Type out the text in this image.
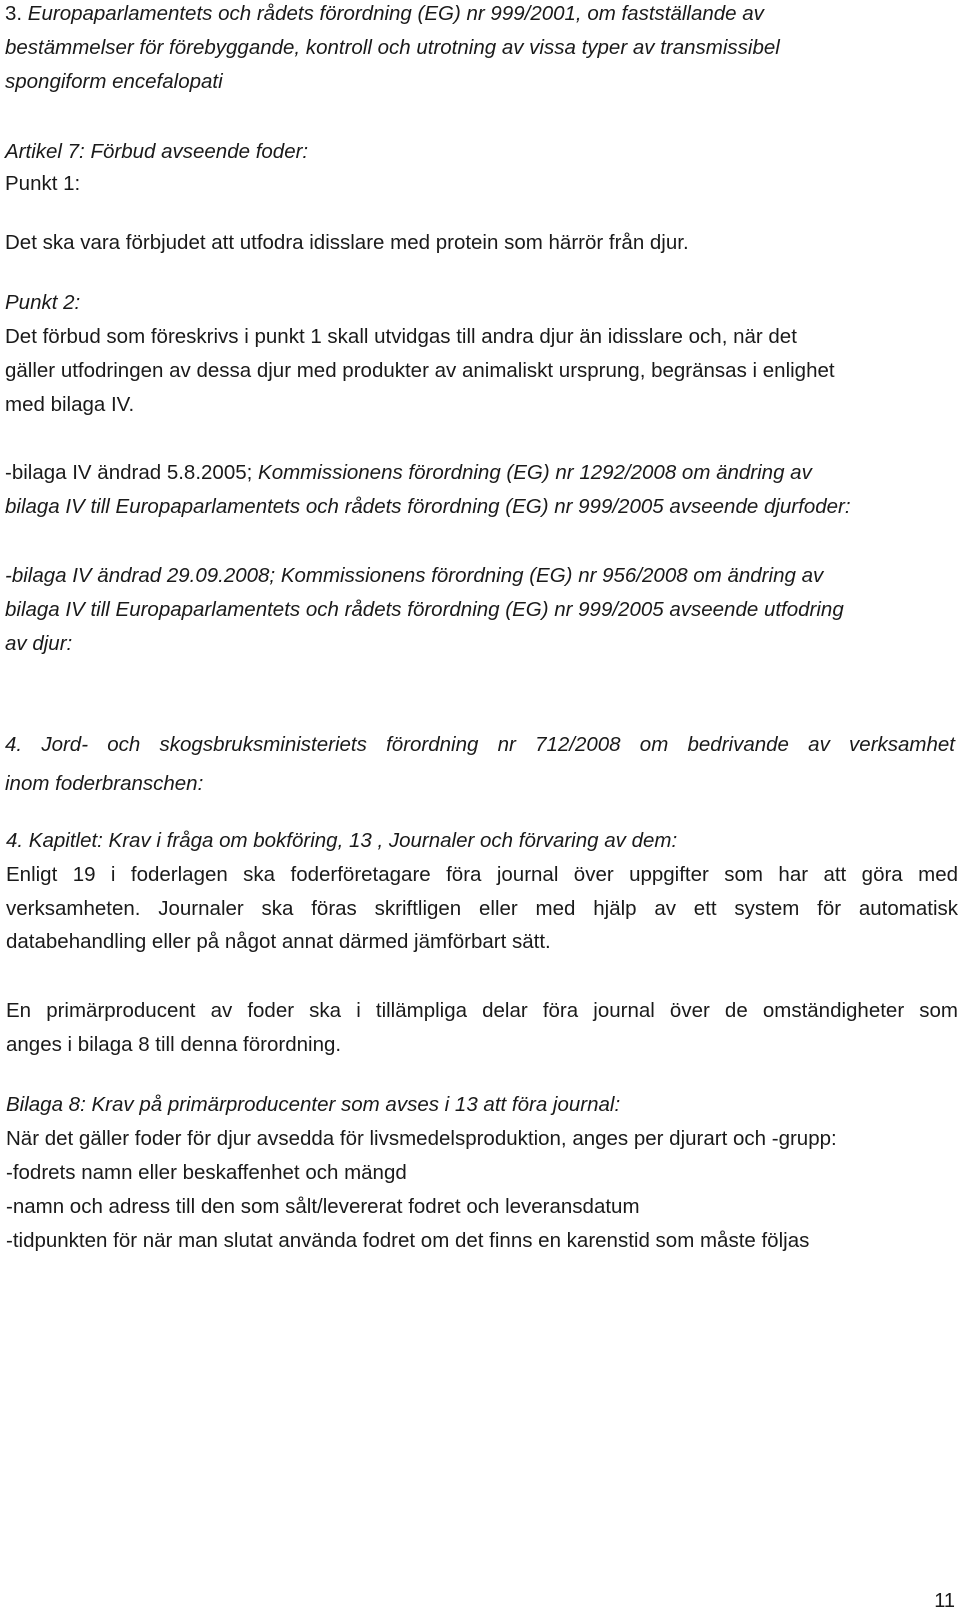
3. Europaparlamentets och rådets förordning (EG) nr 999/2001, om fastställande av
bestämmelser för förebyggande, kontroll och utrotning av vissa typer av transmissibel
spongiform encefalopati
Artikel 7: Förbud avseende foder:
Punkt 1:
Det ska vara förbjudet att utfodra idisslare med protein som härrör från djur.
Punkt 2:
Det förbud som föreskrivs i punkt 1 skall utvidgas till andra djur än idisslare och, när det
gäller utfodringen av dessa djur med produkter av animaliskt ursprung, begränsas i enlighet
med bilaga IV.
-bilaga IV ändrad 5.8.2005; Kommissionens förordning (EG) nr 1292/2008 om ändring av
bilaga IV till Europaparlamentets och rådets förordning (EG) nr 999/2005 avseende djurfoder:
-bilaga IV ändrad 29.09.2008; Kommissionens förordning (EG) nr 956/2008 om ändring av
bilaga IV till Europaparlamentets och rådets förordning (EG) nr 999/2005 avseende utfodring
av djur:
4. Jord- och skogsbruksministeriets förordning nr 712/2008 om bedrivande av verksamhet
inom foderbranschen:
4. Kapitlet: Krav i fråga om bokföring, 13 , Journaler och förvaring av dem:
Enligt 19 i foderlagen ska foderföretagare föra journal över uppgifter som har att göra med
verksamheten. Journaler ska föras skriftligen eller med hjälp av ett system för automatisk
databehandling eller på något annat därmed jämförbart sätt.
En primärproducent av foder ska i tillämpliga delar föra journal över de omständigheter som
anges i bilaga 8 till denna förordning.
Bilaga 8: Krav på primärproducenter som avses i 13 att föra journal:
När det gäller foder för djur avsedda för livsmedelsproduktion, anges per djurart och -grupp:
-fodrets namn eller beskaffenhet och mängd
-namn och adress till den som sålt/levererat fodret och leveransdatum
-tidpunkten för när man slutat använda fodret om det finns en karenstid som måste följas
11
